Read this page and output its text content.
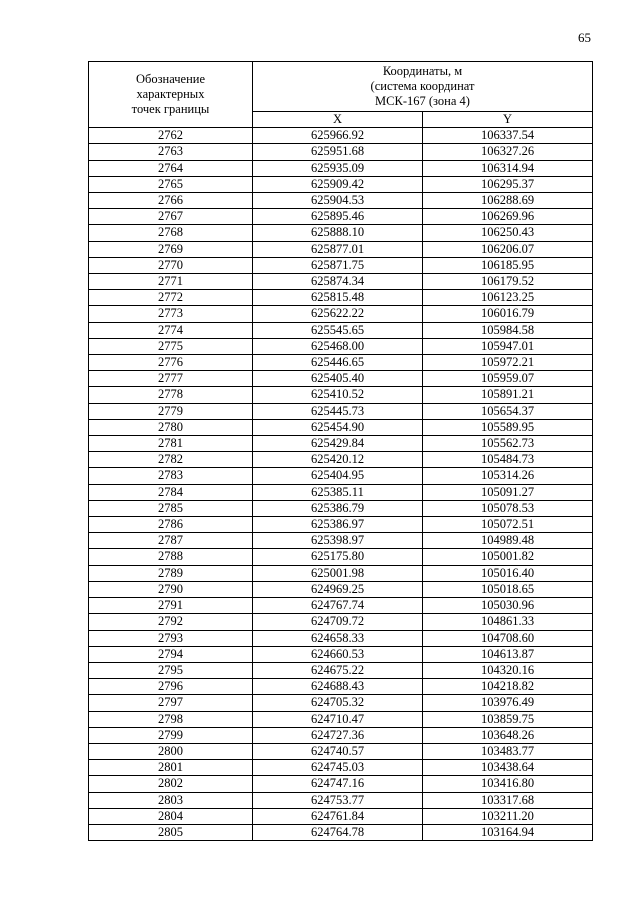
65
Обозначение
характерных
точек границы	Координаты, м
(система координат
МСК-167 (зона 4)	
	X	Y
2762	625966.92	106337.54
2763	625951.68	106327.26
2764	625935.09	106314.94
2765	625909.42	106295.37
2766	625904.53	106288.69
2767	625895.46	106269.96
2768	625888.10	106250.43
2769	625877.01	106206.07
2770	625871.75	106185.95
2771	625874.34	106179.52
2772	625815.48	106123.25
2773	625622.22	106016.79
2774	625545.65	105984.58
2775	625468.00	105947.01
2776	625446.65	105972.21
2777	625405.40	105959.07
2778	625410.52	105891.21
2779	625445.73	105654.37
2780	625454.90	105589.95
2781	625429.84	105562.73
2782	625420.12	105484.73
2783	625404.95	105314.26
2784	625385.11	105091.27
2785	625386.79	105078.53
2786	625386.97	105072.51
2787	625398.97	104989.48
2788	625175.80	105001.82
2789	625001.98	105016.40
2790	624969.25	105018.65
2791	624767.74	105030.96
2792	624709.72	104861.33
2793	624658.33	104708.60
2794	624660.53	104613.87
2795	624675.22	104320.16
2796	624688.43	104218.82
2797	624705.32	103976.49
2798	624710.47	103859.75
2799	624727.36	103648.26
2800	624740.57	103483.77
2801	624745.03	103438.64
2802	624747.16	103416.80
2803	624753.77	103317.68
2804	624761.84	103211.20
2805	624764.78	103164.94
